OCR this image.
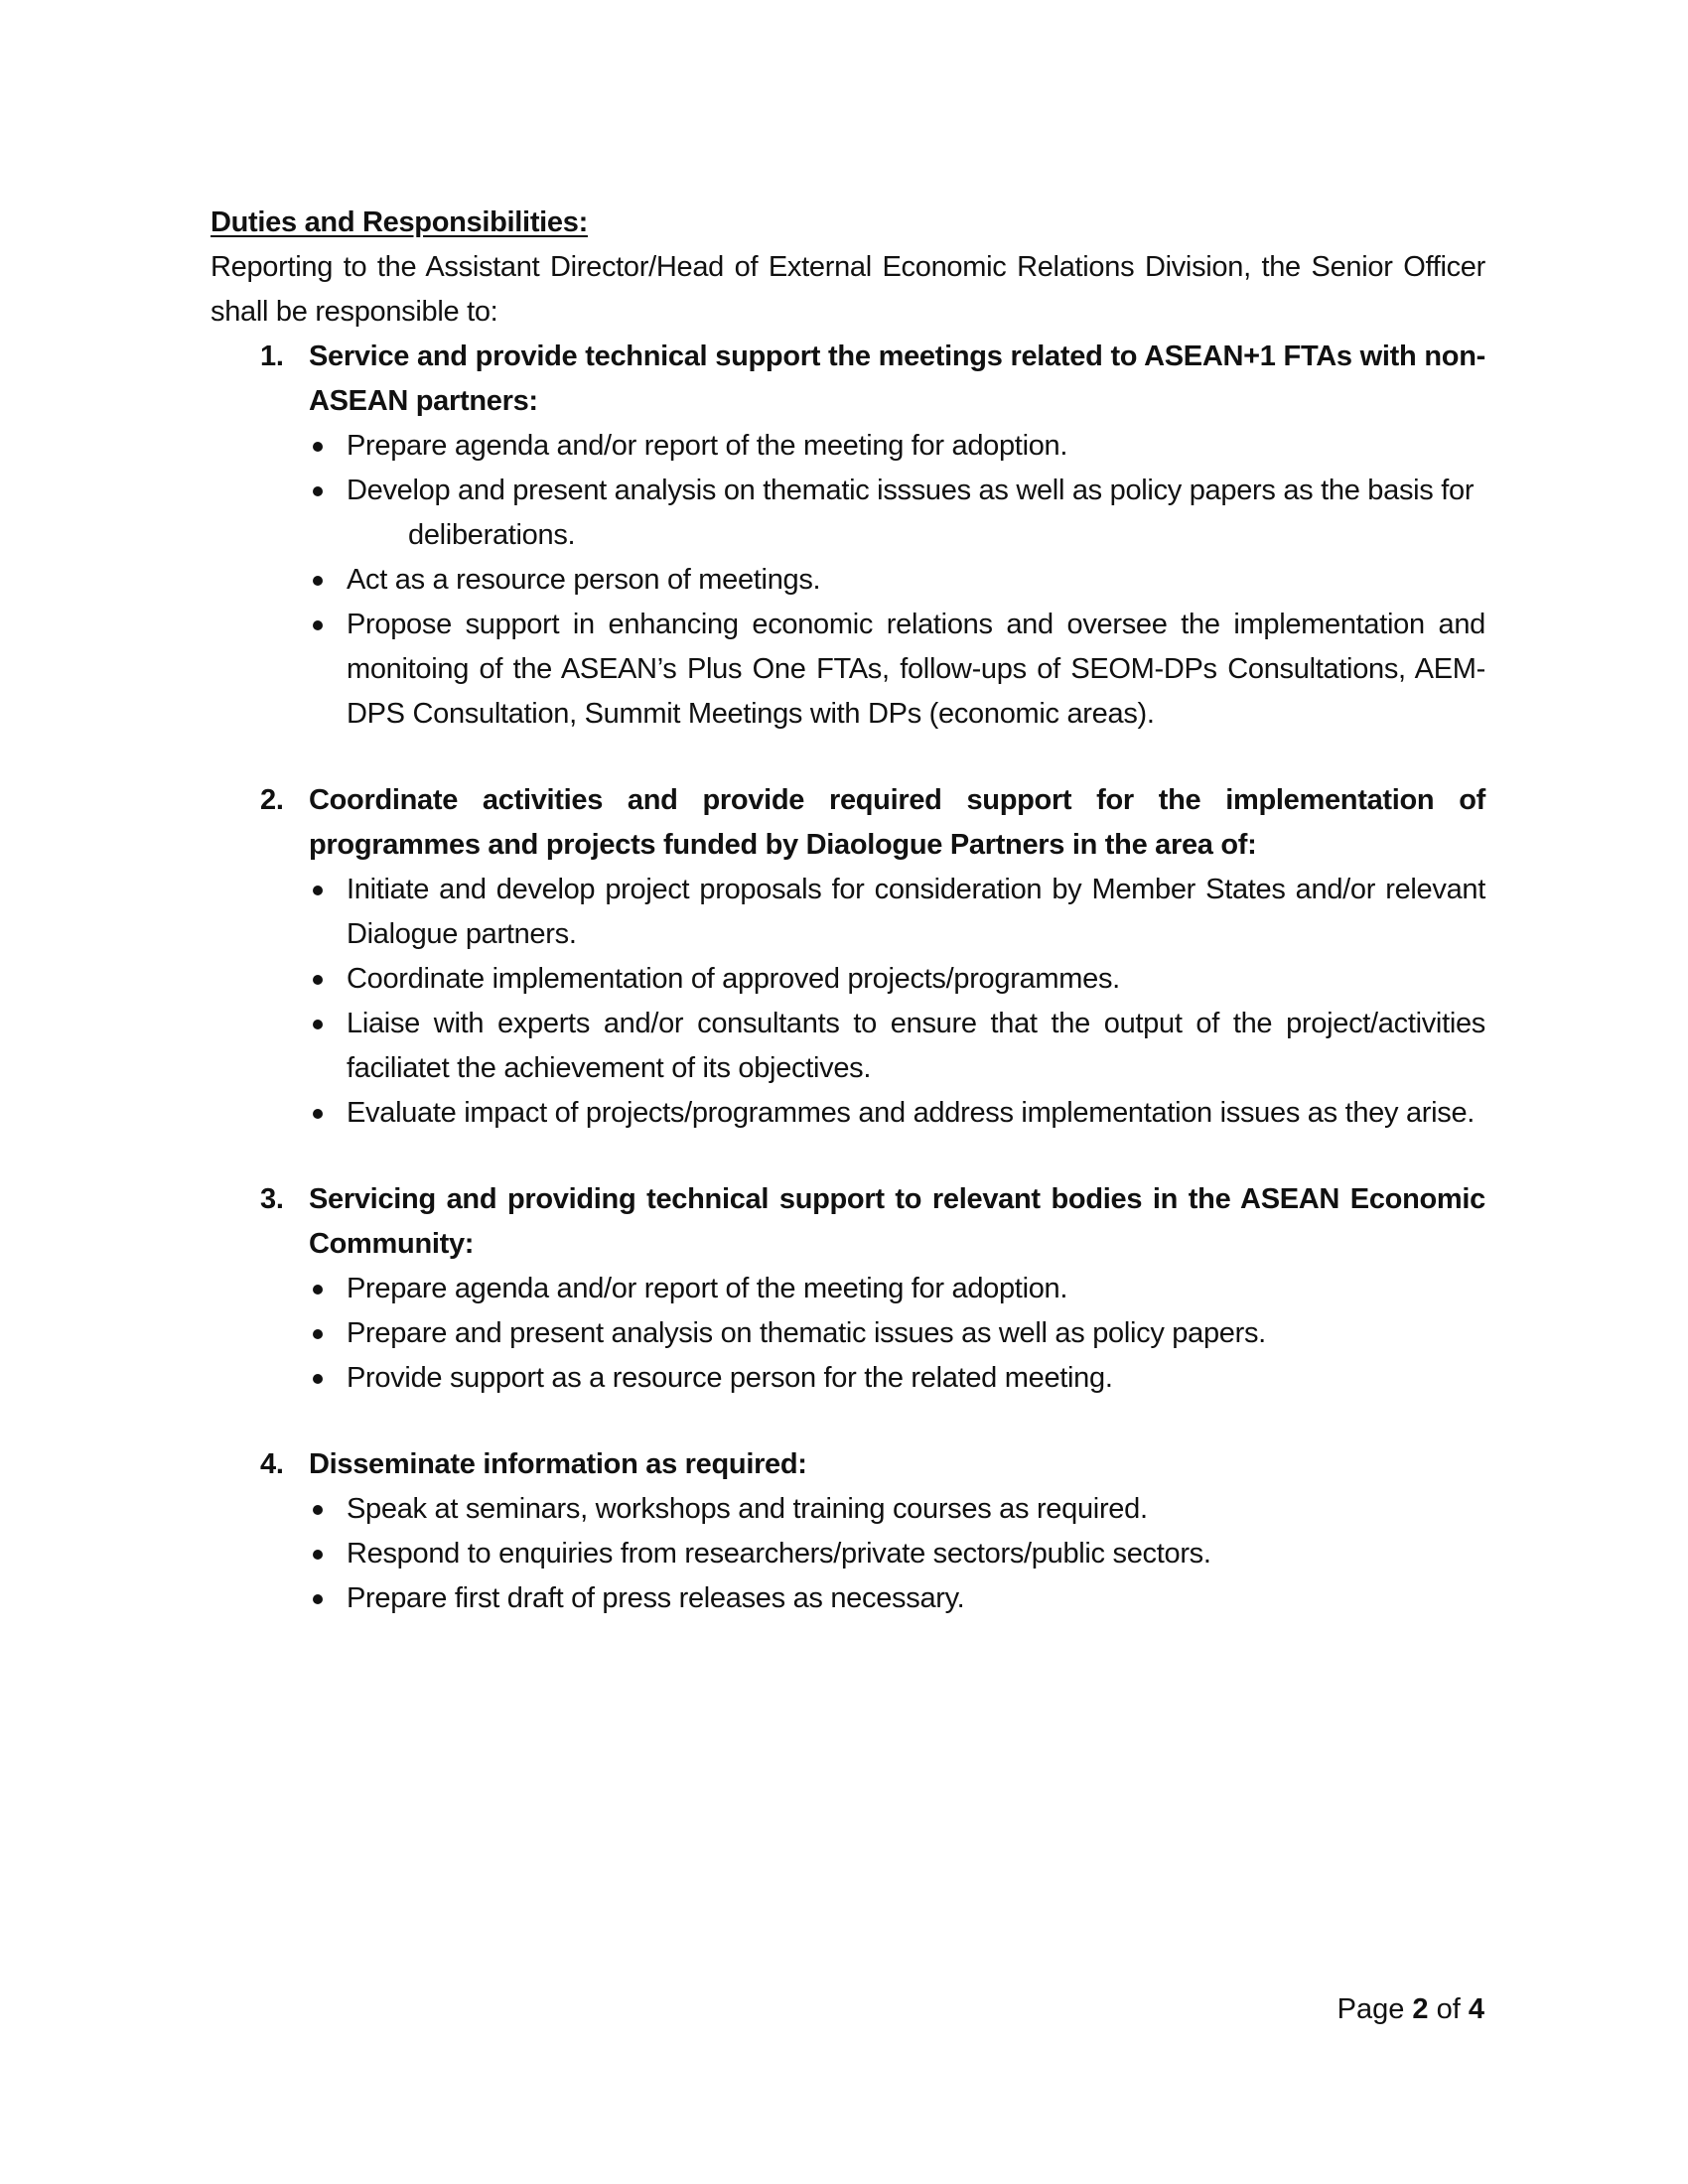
Duties and Responsibilities:

Reporting to the Assistant Director/Head of External Economic Relations Division, the Senior Officer shall be responsible to:

1. Service and provide technical support the meetings related to ASEAN+1 FTAs with non-ASEAN partners:

Prepare agenda and/or report of the meeting for adoption.
Develop and present analysis on thematic isssues as well as policy papers as the basis for
deliberations.
Act as a resource person of meetings.
Propose support in enhancing economic relations and oversee the implementation and monitoing of the ASEAN’s Plus One FTAs, follow-ups of SEOM-DPs Consultations, AEM-DPS Consultation, Summit Meetings with DPs (economic areas).
2. Coordinate activities and provide required support for the implementation of programmes and projects funded by Diaologue Partners in the area of:

Initiate and develop project proposals for consideration by Member States and/or relevant Dialogue partners.
Coordinate implementation of approved projects/programmes.
Liaise with experts and/or consultants to ensure that the output of the project/activities faciliatet the achievement of its objectives.
Evaluate impact of projects/programmes and address implementation issues as they arise.
3. Servicing and providing technical support to relevant bodies in the ASEAN Economic Community:

Prepare agenda and/or report of the meeting for adoption.
Prepare and present analysis on thematic issues as well as policy papers.
Provide support as a resource person for the related meeting.
4. Disseminate information as required:

Speak at seminars, workshops and training courses as required.
Respond to enquiries from researchers/private sectors/public sectors.
Prepare first draft of press releases as necessary.
Page 2 of 4
